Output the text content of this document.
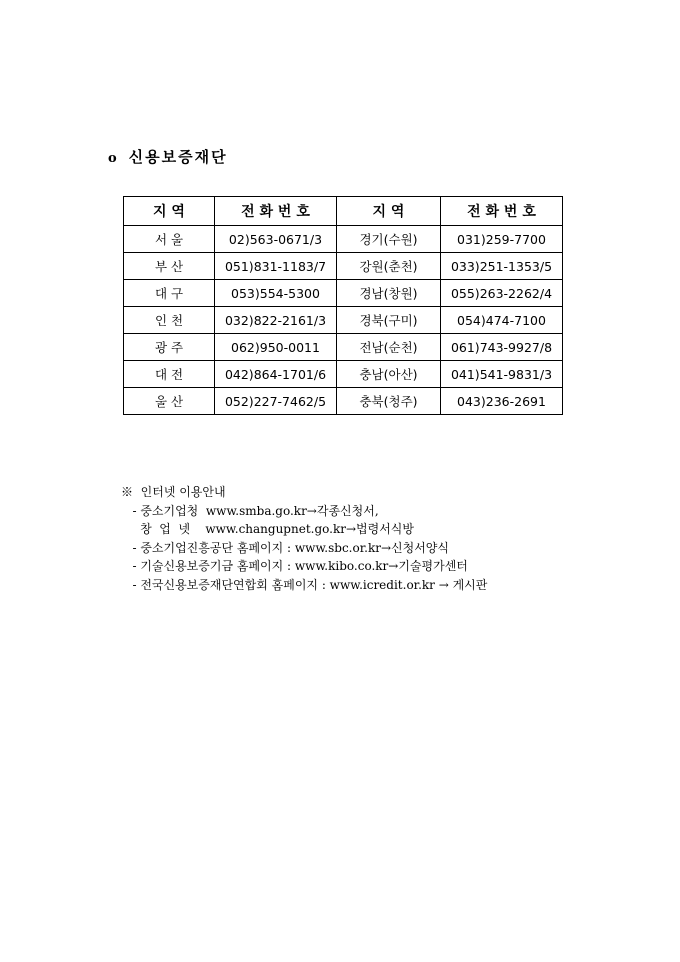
o 신용보증재단
지 역	전 화 번 호	지 역	전 화 번 호
서 울	02)563-0671/3	경기(수원)	031)259-7700
부 산	051)831-1183/7	강원(춘천)	033)251-1353/5
대 구	053)554-5300	경남(창원)	055)263-2262/4
인 천	032)822-2161/3	경북(구미)	054)474-7100
광 주	062)950-0011	전남(순천)	061)743-9927/8
대 전	042)864-1701/6	충남(아산)	041)541-9831/3
울 산	052)227-7462/5	충북(청주)	043)236-2691
※  인터넷 이용안내
- 중소기업청  www.smba.go.kr→각종신청서,
창  업  넷    www.changupnet.go.kr→법령서식방
- 중소기업진흥공단 홈페이지 : www.sbc.or.kr→신청서양식
- 기술신용보증기금 홈페이지 : www.kibo.co.kr→기술평가센터
- 전국신용보증재단연합회 홈페이지 : www.icredit.or.kr → 게시판
